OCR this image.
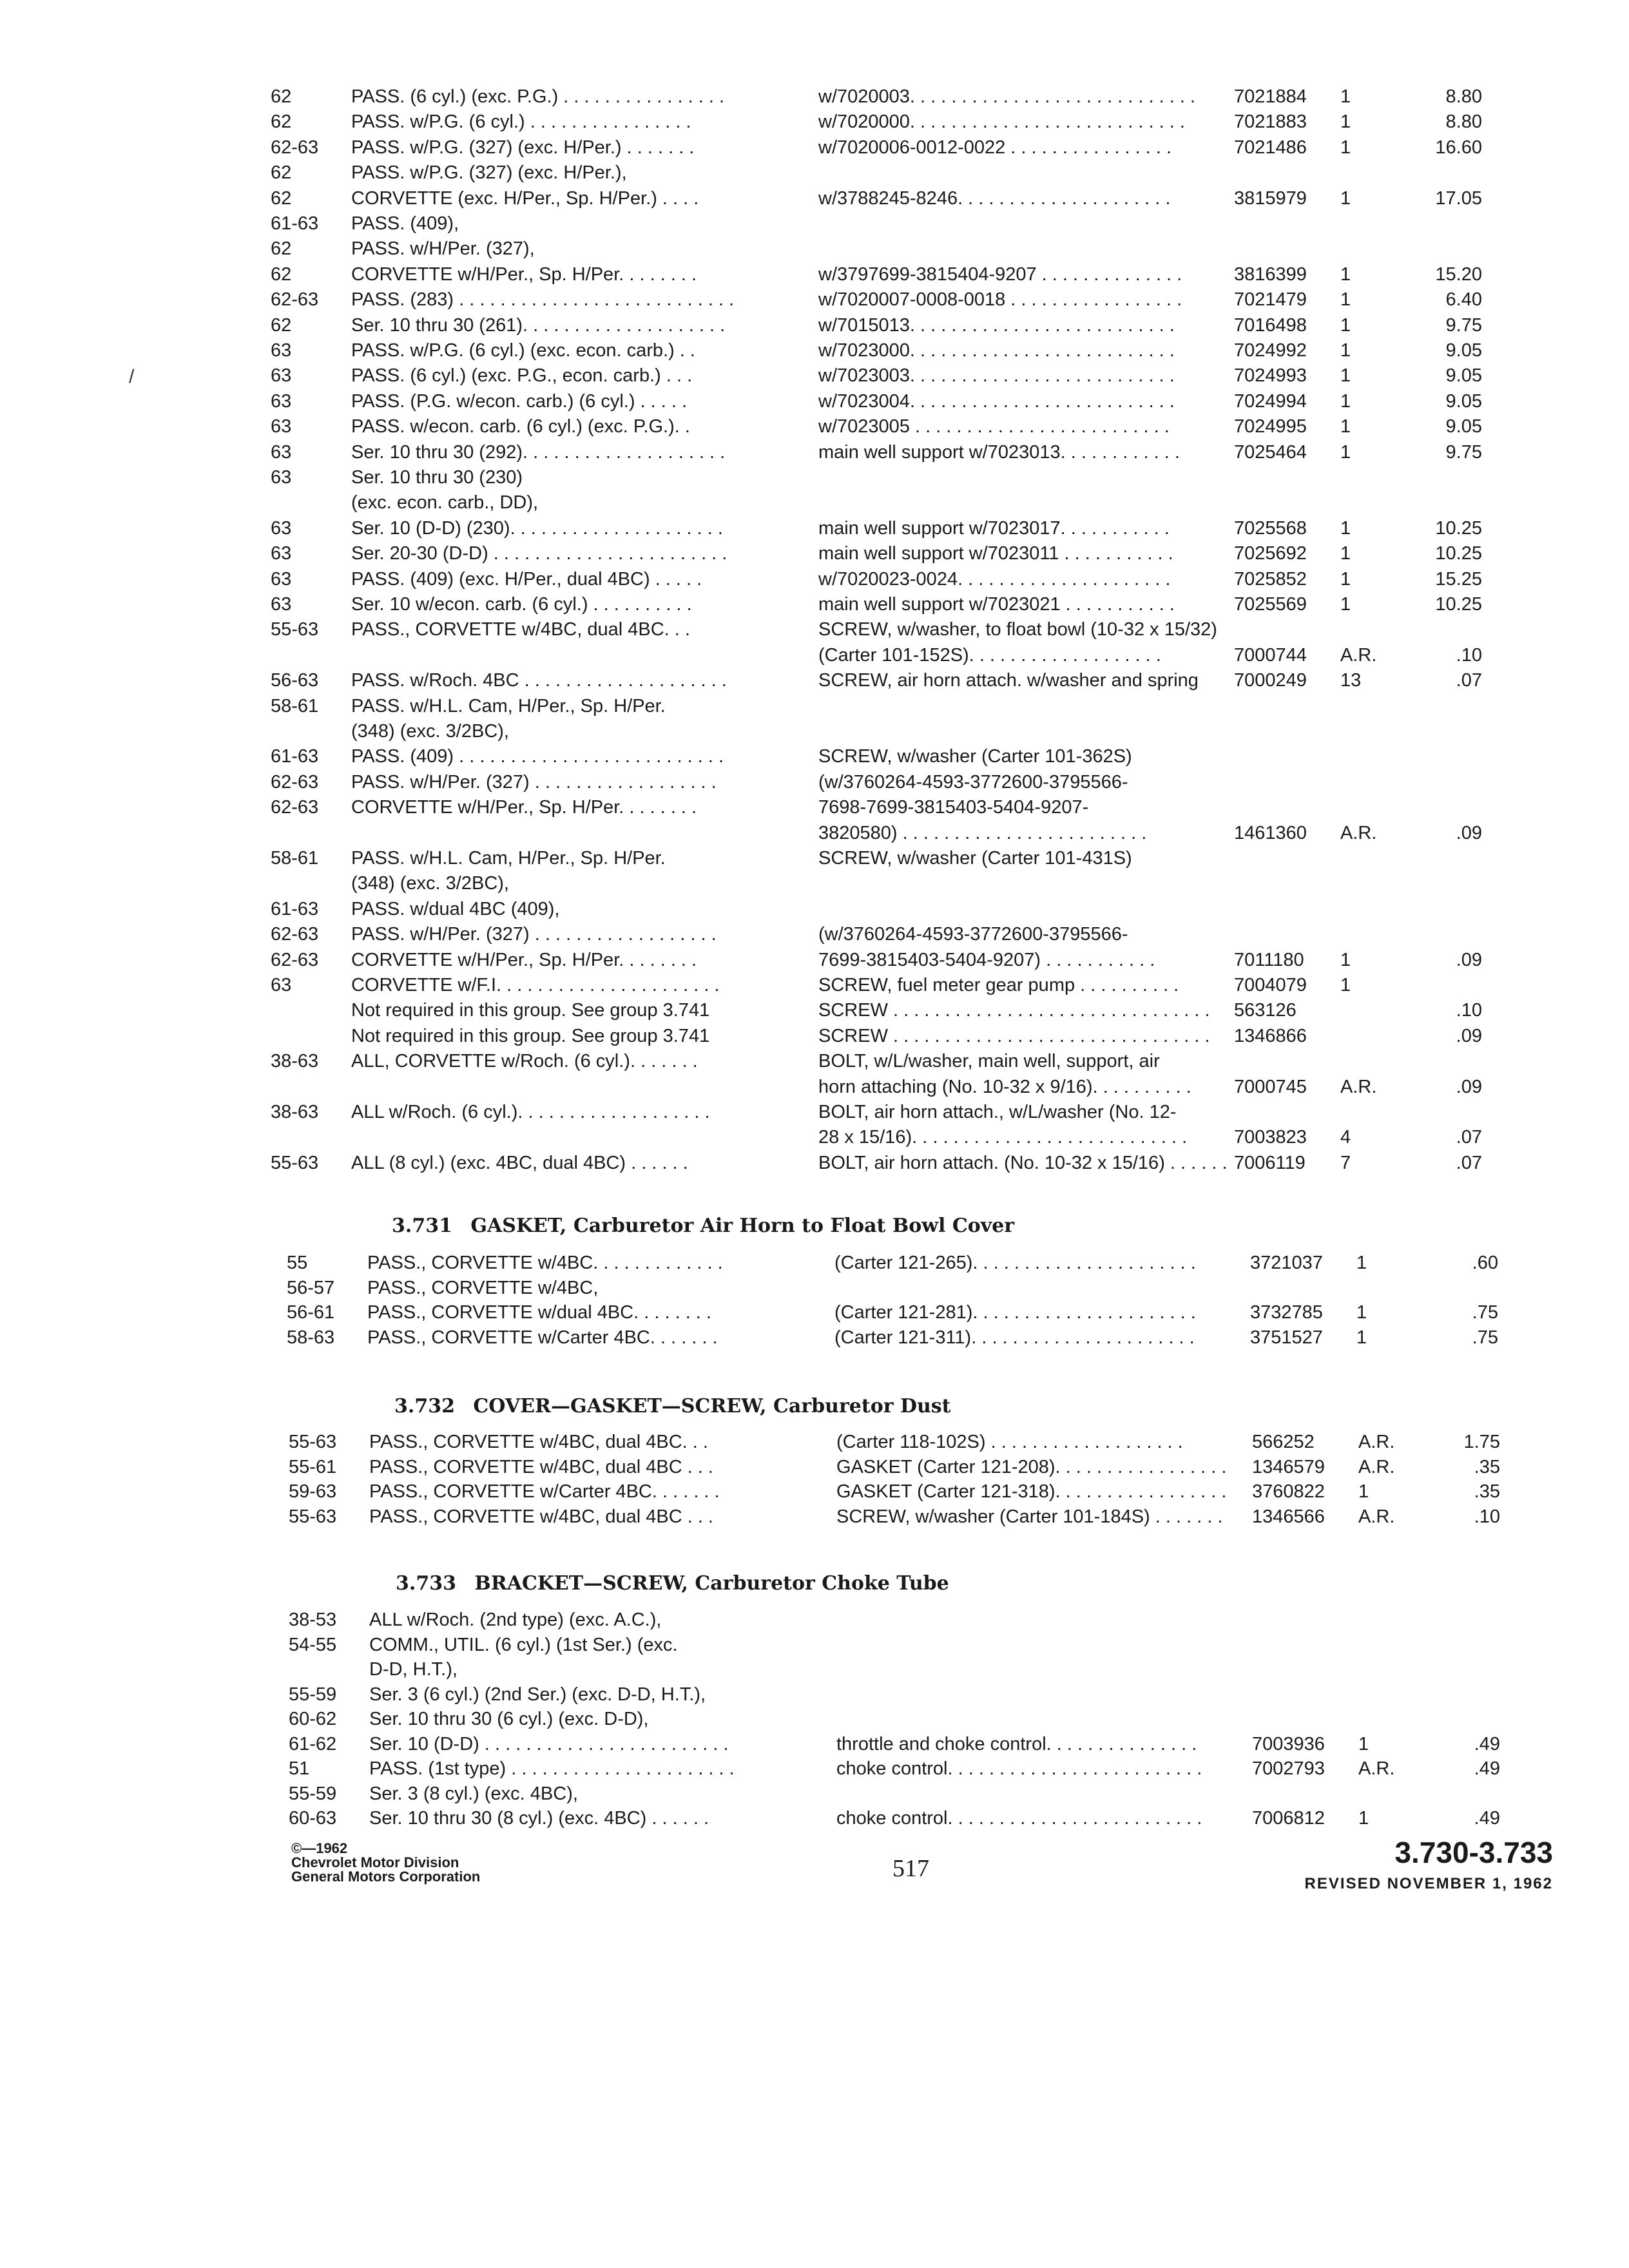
62	PASS. (6 cyl.) (exc. P.G.) . . . . . . . . . . . . . . . .	w/7020003. . . . . . . . . . . . . . . . . . . . . . . . . . . . 7021884 1	8.80
62	PASS. w/P.G. (6 cyl.) . . . . . . . . . . . . . . . .	w/7020000. . . . . . . . . . . . . . . . . . . . . . . . . . .	7021883 1	8.80
62-63 PASS. w/P.G. (327) (exc. H/Per.) . . . . . . .	w/7020006-0012-0022 . . . . . . . . . . . . . . . .	7021486 1	16.60
62	PASS. w/P.G. (327) (exc. H/Per.),
62	CORVETTE (exc. H/Per., Sp. H/Per.) . . . .	w/3788245-8246. . . . . . . . . . . . . . . . . . . . .	3815979 1	17.05
61-63 PASS. (409),
62	PASS. w/H/Per. (327),
62	CORVETTE w/H/Per., Sp. H/Per. . . . . . . .	w/3797699-3815404-9207 . . . . . . . . . . . . . .	3816399 1	15.20
62-63 PASS. (283) . . . . . . . . . . . . . . . . . . . . . . . . . . .	w/7020007-0008-0018 . . . . . . . . . . . . . . . . .	7021479 1	6.40
62	Ser. 10 thru 30 (261). . . . . . . . . . . . . . . . . . . .	w/7015013. . . . . . . . . . . . . . . . . . . . . . . . . .	7016498 1	9.75
63	PASS. w/P.G. (6 cyl.) (exc. econ. carb.) . .	w/7023000. . . . . . . . . . . . . . . . . . . . . . . . . .	7024992 1	9.05
63	PASS. (6 cyl.) (exc. P.G., econ. carb.) . . .	w/7023003. . . . . . . . . . . . . . . . . . . . . . . . . .	7024993 1	9.05
63	PASS. (P.G. w/econ. carb.) (6 cyl.) . . . . .	w/7023004. . . . . . . . . . . . . . . . . . . . . . . . . .	7024994 1	9.05
63	PASS. w/econ. carb. (6 cyl.) (exc. P.G.). .	w/7023005 . . . . . . . . . . . . . . . . . . . . . . . . .	7024995 1	9.05
63	Ser. 10 thru 30 (292). . . . . . . . . . . . . . . . . . . .	main well support w/7023013. . . . . . . . . . . .	7025464 1	9.75
63	Ser. 10 thru 30 (230)
(exc. econ. carb., DD),
63	Ser. 10 (D-D) (230). . . . . . . . . . . . . . . . . . . . .	main well support w/7023017. . . . . . . . . . .	7025568 1	10.25
63	Ser. 20-30 (D-D) . . . . . . . . . . . . . . . . . . . . . . .	main well support w/7023011 . . . . . . . . . . .	7025692 1	10.25
63	PASS. (409) (exc. H/Per., dual 4BC) . . . . .	w/7020023-0024. . . . . . . . . . . . . . . . . . . . .	7025852 1	15.25
63	Ser. 10 w/econ. carb. (6 cyl.) . . . . . . . . . .	main well support w/7023021 . . . . . . . . . . .	7025569 1	10.25
55-63 PASS., CORVETTE w/4BC, dual 4BC. . .	SCREW, w/washer, to float bowl (10-32 x 15/32)
(Carter 101-152S). . . . . . . . . . . . . . . . . . .	7000744 A.R.	.10
56-63 PASS. w/Roch. 4BC . . . . . . . . . . . . . . . . . . . .	SCREW, air horn attach. w/washer and spring 7000249 13	.07
58-61 PASS. w/H.L. Cam, H/Per., Sp. H/Per.
(348) (exc. 3/2BC),
61-63 PASS. (409) . . . . . . . . . . . . . . . . . . . . . . . . . .	SCREW, w/washer (Carter 101-362S)
62-63 PASS. w/H/Per. (327) . . . . . . . . . . . . . . . . . .	(w/3760264-4593-3772600-3795566-
62-63 CORVETTE w/H/Per., Sp. H/Per. . . . . . . .	7698-7699-3815403-5404-9207-
3820580) . . . . . . . . . . . . . . . . . . . . . . . .	1461360 A.R.	.09
58-61 PASS. w/H.L. Cam, H/Per., Sp. H/Per.	SCREW, w/washer (Carter 101-431S)
(348) (exc. 3/2BC),
61-63 PASS. w/dual 4BC (409),
62-63 PASS. w/H/Per. (327) . . . . . . . . . . . . . . . . . .	(w/3760264-4593-3772600-3795566-
62-63 CORVETTE w/H/Per., Sp. H/Per. . . . . . . .	7699-3815403-5404-9207) . . . . . . . . . . .	7011180 1	.09
63	CORVETTE w/F.I. . . . . . . . . . . . . . . . . . . . . .	SCREW, fuel meter gear pump . . . . . . . . . .	7004079 1
Not required in this group. See group 3.741	SCREW . . . . . . . . . . . . . . . . . . . . . . . . . . . . . . . 563126	.10
Not required in this group. See group 3.741	SCREW . . . . . . . . . . . . . . . . . . . . . . . . . . . . . . . 1346866	.09
38-63 ALL, CORVETTE w/Roch. (6 cyl.). . . . . . .	BOLT, w/L/washer, main well, support, air
horn attaching (No. 10-32 x 9/16). . . . . . . . . . 7000745 A.R.	.09
38-63 ALL w/Roch. (6 cyl.). . . . . . . . . . . . . . . . . . .	BOLT, air horn attach., w/L/washer (No. 12-
28 x 15/16). . . . . . . . . . . . . . . . . . . . . . . . . . .	7003823 4	.07
55-63 ALL (8 cyl.) (exc. 4BC, dual 4BC) . . . . . .	BOLT, air horn attach. (No. 10-32 x 15/16) . . . . . . 7006119 7	.07
3.731 GASKET, Carburetor Air Horn to Float Bowl Cover
55	PASS., CORVETTE w/4BC. . . . . . . . . . . . .	(Carter 121-265). . . . . . . . . . . . . . . . . . . . . .	3721037 1	.60
56-57 PASS., CORVETTE w/4BC,
56-61 PASS., CORVETTE w/dual 4BC. . . . . . . .	(Carter 121-281). . . . . . . . . . . . . . . . . . . . . .	3732785 1	.75
58-63 PASS., CORVETTE w/Carter 4BC. . . . . . .	(Carter 121-311). . . . . . . . . . . . . . . . . . . . . .	3751527 1	.75
3.732 COVER—GASKET—SCREW, Carburetor Dust
55-63 PASS., CORVETTE w/4BC, dual 4BC. . .	(Carter 118-102S) . . . . . . . . . . . . . . . . . . .	566252 A.R.	1.75
55-61 PASS., CORVETTE w/4BC, dual 4BC . . .	GASKET (Carter 121-208). . . . . . . . . . . . . . . . . 1346579 A.R.	.35
59-63 PASS., CORVETTE w/Carter 4BC. . . . . . .	GASKET (Carter 121-318). . . . . . . . . . . . . . . . . 3760822 1	.35
55-63 PASS., CORVETTE w/4BC, dual 4BC . . .	SCREW, w/washer (Carter 101-184S) . . . . . . . 1346566 A.R.	.10
3.733 BRACKET—SCREW, Carburetor Choke Tube
38-53 ALL w/Roch. (2nd type) (exc. A.C.),
54-55 COMM., UTIL. (6 cyl.) (1st Ser.) (exc.
D-D, H.T.),
55-59 Ser. 3 (6 cyl.) (2nd Ser.) (exc. D-D, H.T.),
60-62 Ser. 10 thru 30 (6 cyl.) (exc. D-D),
61-62 Ser. 10 (D-D) . . . . . . . . . . . . . . . . . . . . . . . .	throttle and choke control. . . . . . . . . . . . . . .	7003936 1	.49
51	PASS. (1st type) . . . . . . . . . . . . . . . . . . . . . .	choke control. . . . . . . . . . . . . . . . . . . . . . . . .	7002793 A.R.	.49
55-59 Ser. 3 (8 cyl.) (exc. 4BC),
60-63 Ser. 10 thru 30 (8 cyl.) (exc. 4BC) . . . . . .	choke control. . . . . . . . . . . . . . . . . . . . . . . . .	7006812 1	.49
©—1962
Chevrolet Motor Division
General Motors Corporation	517	3.730-3.733
REVISED NOVEMBER 1, 1962
/
